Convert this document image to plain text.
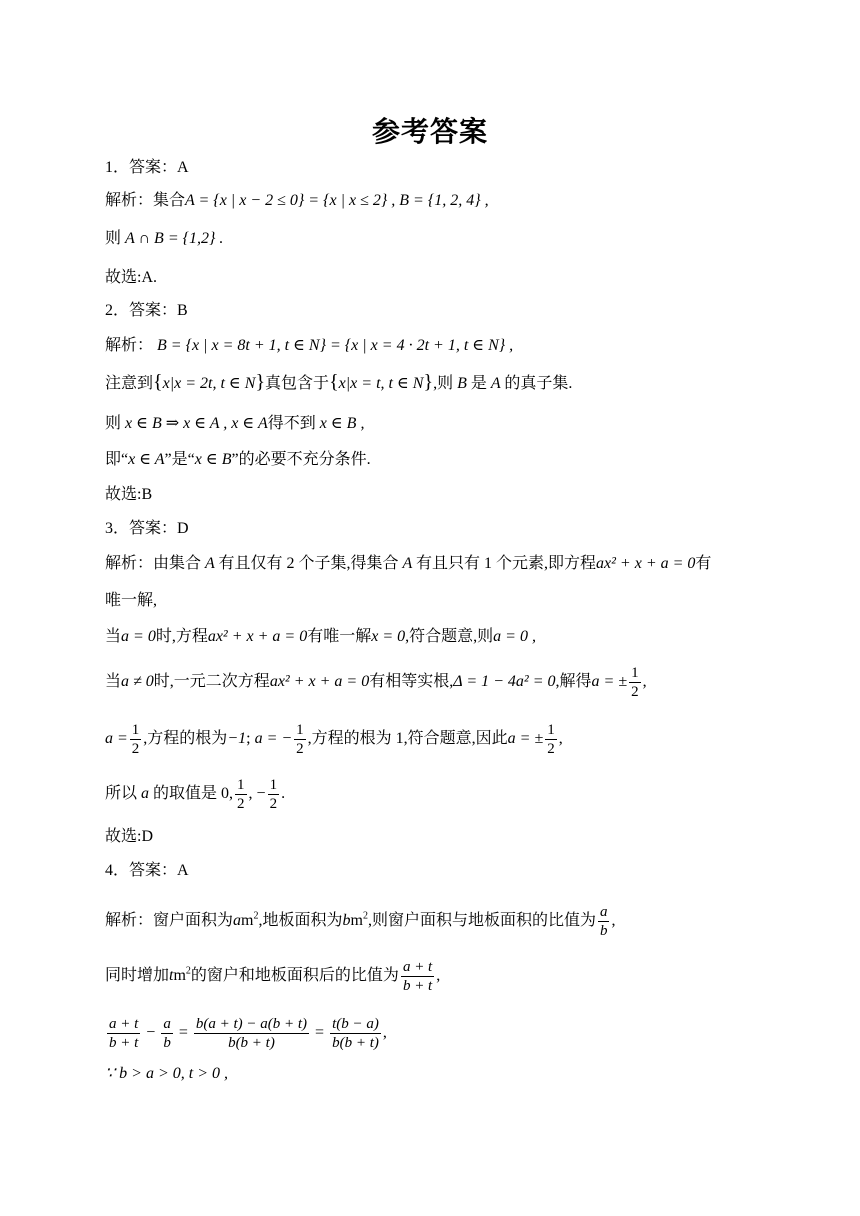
参考答案
1．答案：A
解析：集合A = {x | x − 2 ≤ 0} = {x | x ≤ 2} , B = {1, 2, 4} ,
则 A ∩ B = {1,2} .
故选:A.
2．答案：B
解析： B = {x | x = 8t + 1, t ∈ N} = {x | x = 4 · 2t + 1, t ∈ N} ,
注意到{x|x = 2t, t ∈ N}真包含于{x|x = t, t ∈ N},则 B 是 A 的真子集.
则 x ∈ B ⇒ x ∈ A , x ∈ A得不到 x ∈ B ,
即“x ∈ A”是“x ∈ B”的必要不充分条件.
故选:B
3．答案：D
解析：由集合 A 有且仅有 2 个子集,得集合 A 有且只有 1 个元素,即方程ax² + x + a = 0有
唯一解,
当a = 0时,方程ax² + x + a = 0有唯一解x = 0,符合题意,则a = 0 ,
当a ≠ 0时,一元二次方程ax² + x + a = 0有相等实根,Δ = 1 − 4a² = 0,解得a = ± $\frac{1}{2}$ ,
$a = \frac{1}{2}$ ,方程的根为−1; a = − $\frac{1}{2}$ ,方程的根为 1,符合题意,因此a = ± $\frac{1}{2}$ ,
所以 a 的取值是 0, $\frac{1}{2}$ , − $\frac{1}{2}$ .
故选:D
4．答案：A
解析：窗户面积为$am^2$,地板面积为$bm^2$,则窗户面积与地板面积的比值为 $\frac{a}{b}$ ,
同时增加$tm^2$的窗户和地板面积后的比值为 $\frac{a + t}{b + t}$ ,
$\frac{a + t}{b + t} - \frac{a}{b} = \frac{b(a + t) - a(b + t)}{b(b + t)} = \frac{t(b - a)}{b(b + t)}$ ,
∵ b > a > 0, t > 0 ,
